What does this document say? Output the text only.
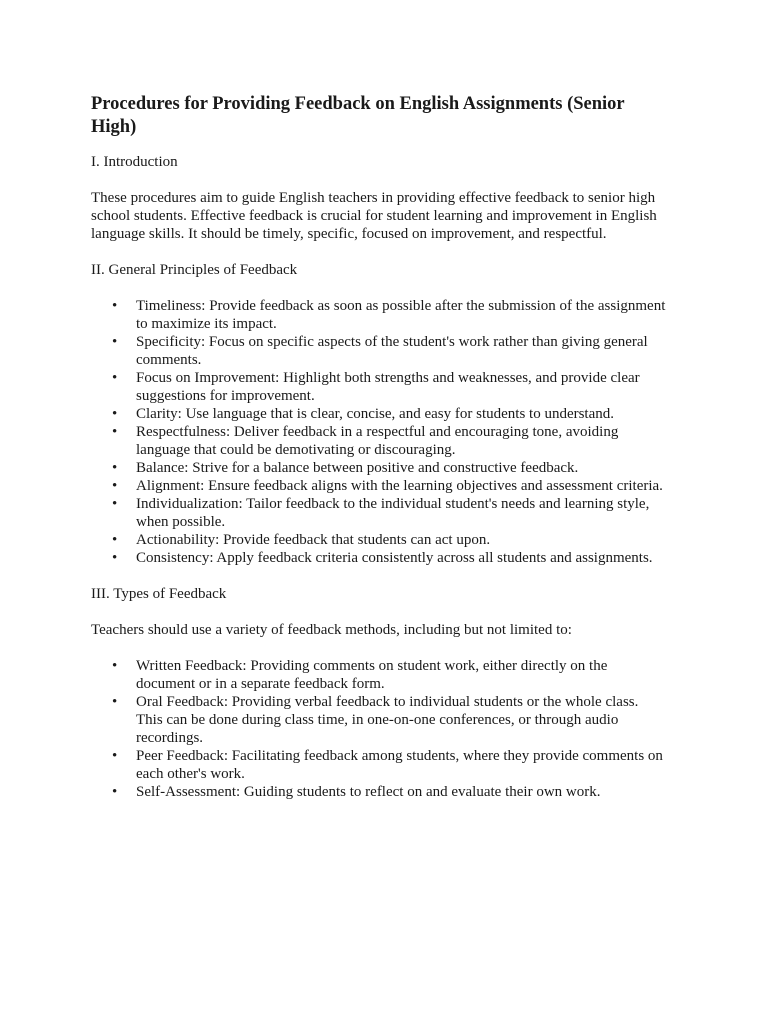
Procedures for Providing Feedback on English Assignments (Senior High)
I. Introduction

These procedures aim to guide English teachers in providing effective feedback to senior high school students. Effective feedback is crucial for student learning and improvement in English language skills. It should be timely, specific, focused on improvement, and respectful.

II. General Principles of Feedback
• Timeliness: Provide feedback as soon as possible after the submission of the assignment to maximize its impact.
• Specificity: Focus on specific aspects of the student's work rather than giving general comments.
• Focus on Improvement: Highlight both strengths and weaknesses, and provide clear suggestions for improvement.
• Clarity: Use language that is clear, concise, and easy for students to understand.
• Respectfulness: Deliver feedback in a respectful and encouraging tone, avoiding language that could be demotivating or discouraging.
• Balance: Strive for a balance between positive and constructive feedback.
• Alignment: Ensure feedback aligns with the learning objectives and assessment criteria.
• Individualization: Tailor feedback to the individual student's needs and learning style, when possible.
• Actionability: Provide feedback that students can act upon.
• Consistency: Apply feedback criteria consistently across all students and assignments.
III. Types of Feedback

Teachers should use a variety of feedback methods, including but not limited to:

• Written Feedback: Providing comments on student work, either directly on the document or in a separate feedback form.
• Oral Feedback: Providing verbal feedback to individual students or the whole class. This can be done during class time, in one-on-one conferences, or through audio recordings.
• Peer Feedback: Facilitating feedback among students, where they provide comments on each other's work.
• Self-Assessment: Guiding students to reflect on and evaluate their own work.
